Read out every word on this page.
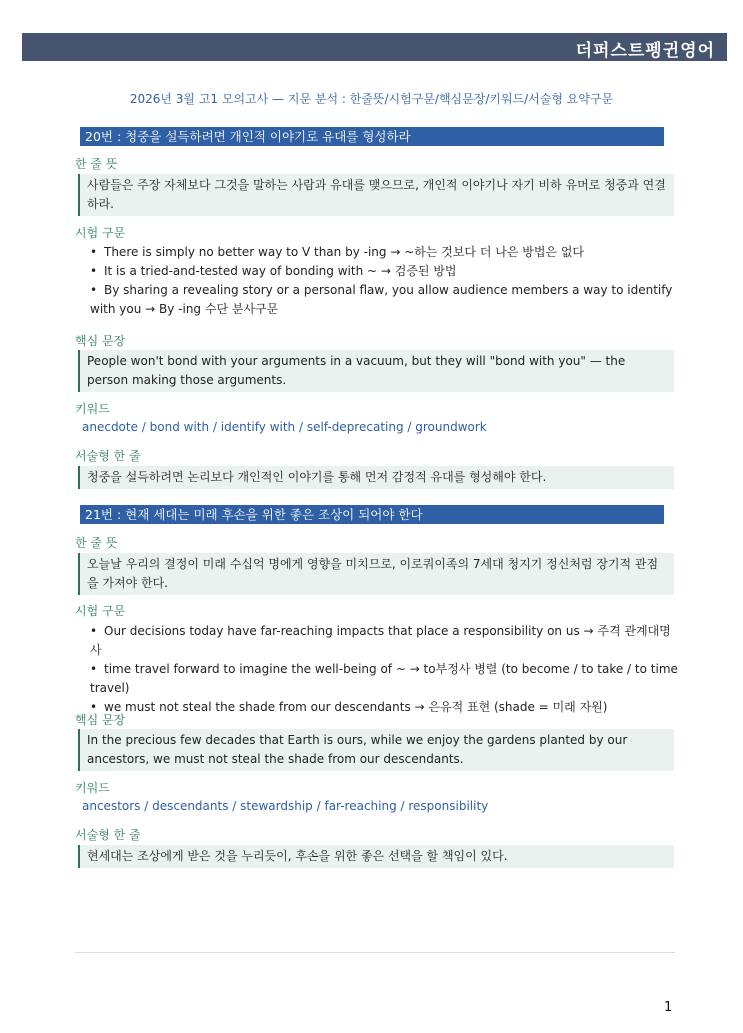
더퍼스트펭귄영어
2026년 3월 고1 모의고사 — 지문 분석 : 한줄뜻/시험구문/핵심문장/키워드/서술형 요약구문
20번 : 청중을 설득하려면 개인적 이야기로 유대를 형성하라
한 줄 뜻
사람들은 주장 자체보다 그것을 말하는 사람과 유대를 맺으므로, 개인적 이야기나 자기 비하 유머로 청중과 연결하라.
시험 구문
• There is simply no better way to V than by -ing → ~하는 것보다 더 나은 방법은 없다
• It is a tried-and-tested way of bonding with ~ → 검증된 방법
• By sharing a revealing story or a personal flaw, you allow audience members a way to identify with you → By -ing 수단 분사구문
핵심 문장
People won't bond with your arguments in a vacuum, but they will "bond with you" — the person making those arguments.
키워드
anecdote / bond with / identify with / self-deprecating / groundwork
서술형 한 줄
청중을 설득하려면 논리보다 개인적인 이야기를 통해 먼저 감정적 유대를 형성해야 한다.
21번 : 현재 세대는 미래 후손을 위한 좋은 조상이 되어야 한다
한 줄 뜻
오늘날 우리의 결정이 미래 수십억 명에게 영향을 미치므로, 이로쿼이족의 7세대 청지기 정신처럼 장기적 관점을 가져야 한다.
시험 구문
• Our decisions today have far-reaching impacts that place a responsibility on us → 주격 관계대명사
• time travel forward to imagine the well-being of ~ → to부정사 병렬 (to become / to take / to time travel)
• we must not steal the shade from our descendants → 은유적 표현 (shade = 미래 자원)
핵심 문장
In the precious few decades that Earth is ours, while we enjoy the gardens planted by our ancestors, we must not steal the shade from our descendants.
키워드
ancestors / descendants / stewardship / far-reaching / responsibility
서술형 한 줄
현세대는 조상에게 받은 것을 누리듯이, 후손을 위한 좋은 선택을 할 책임이 있다.
1
